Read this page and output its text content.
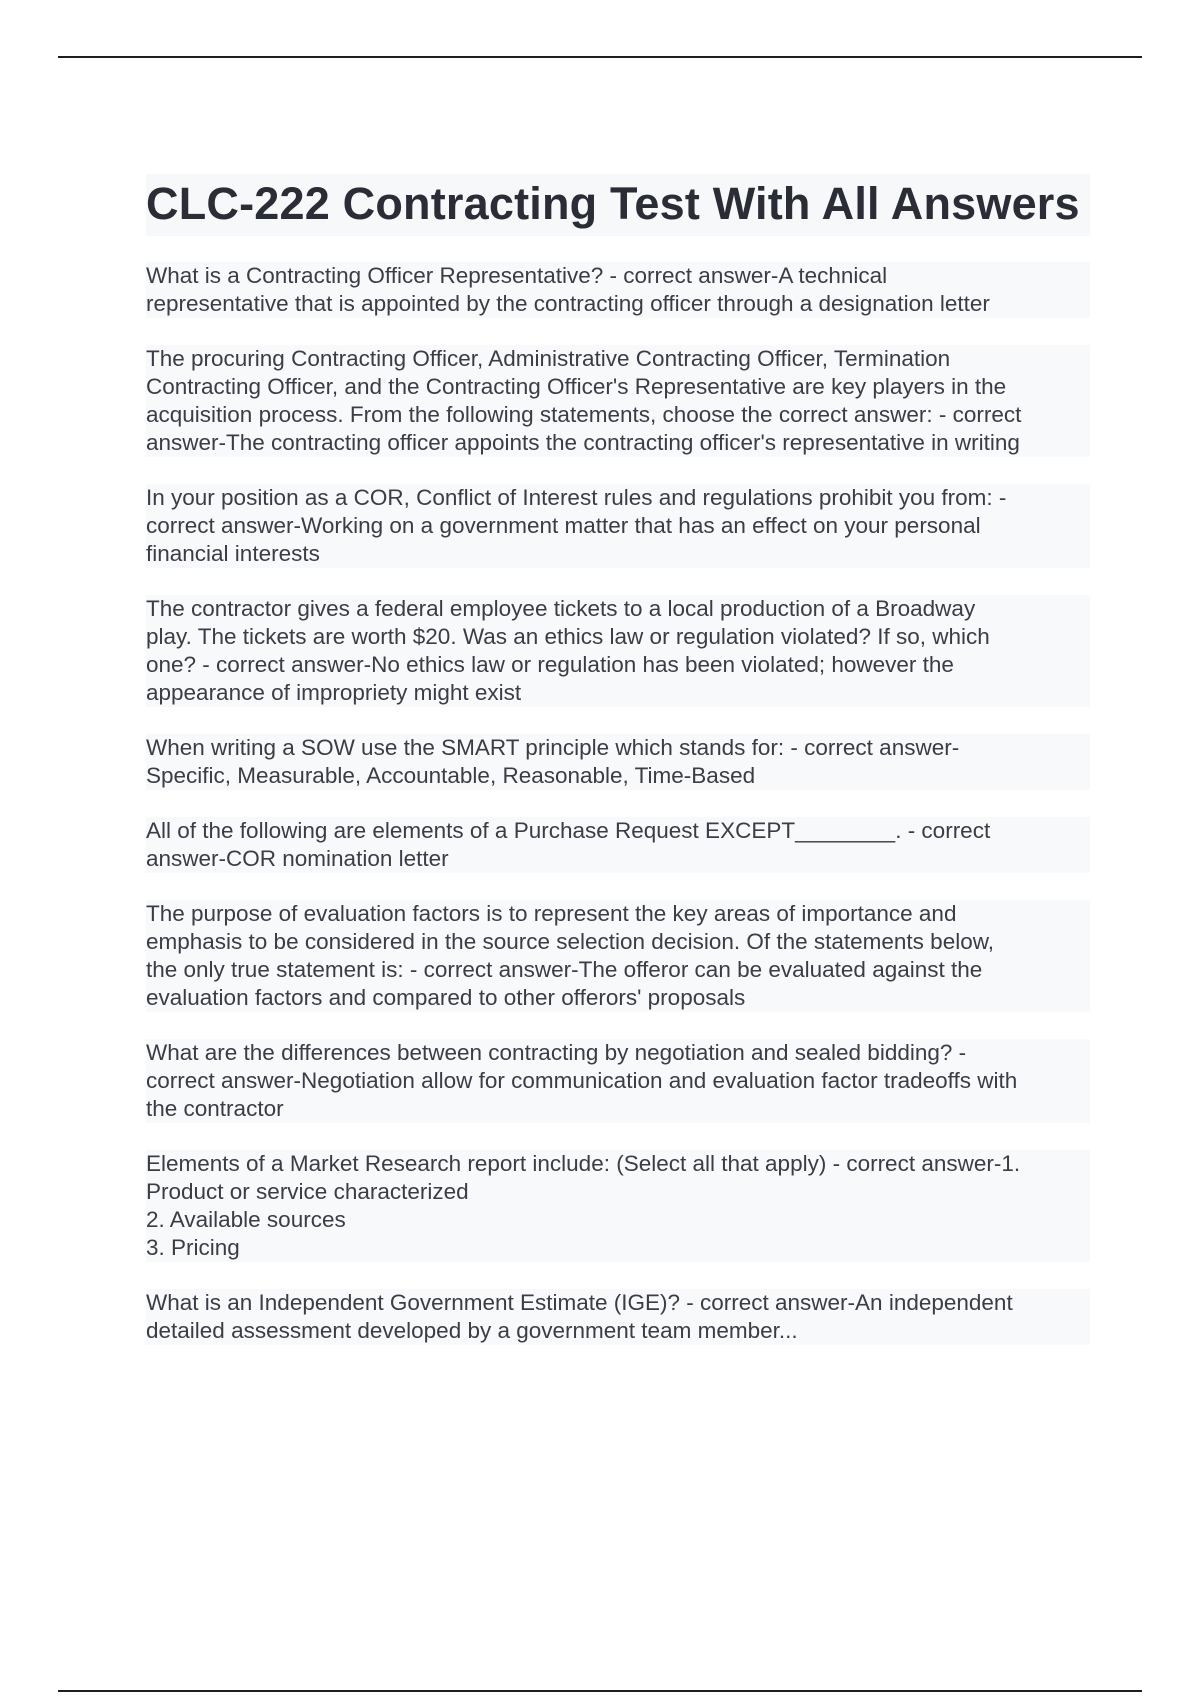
CLC-222 Contracting Test With All Answers

What is a Contracting Officer Representative? - correct answer-A technical
representative that is appointed by the contracting officer through a designation letter

The procuring Contracting Officer, Administrative Contracting Officer, Termination
Contracting Officer, and the Contracting Officer's Representative are key players in the
acquisition process. From the following statements, choose the correct answer: - correct
answer-The contracting officer appoints the contracting officer's representative in writing

In your position as a COR, Conflict of Interest rules and regulations prohibit you from: -
correct answer-Working on a government matter that has an effect on your personal
financial interests

The contractor gives a federal employee tickets to a local production of a Broadway
play. The tickets are worth $20. Was an ethics law or regulation violated? If so, which
one? - correct answer-No ethics law or regulation has been violated; however the
appearance of impropriety might exist

When writing a SOW use the SMART principle which stands for: - correct answer-
Specific, Measurable, Accountable, Reasonable, Time-Based

All of the following are elements of a Purchase Request EXCEPT________. - correct
answer-COR nomination letter

The purpose of evaluation factors is to represent the key areas of importance and
emphasis to be considered in the source selection decision. Of the statements below,
the only true statement is: - correct answer-The offeror can be evaluated against the
evaluation factors and compared to other offerors' proposals

What are the differences between contracting by negotiation and sealed bidding? -
correct answer-Negotiation allow for communication and evaluation factor tradeoffs with
the contractor

Elements of a Market Research report include: (Select all that apply) - correct answer-1.
Product or service characterized
2. Available sources
3. Pricing

What is an Independent Government Estimate (IGE)? - correct answer-An independent
detailed assessment developed by a government team member...
